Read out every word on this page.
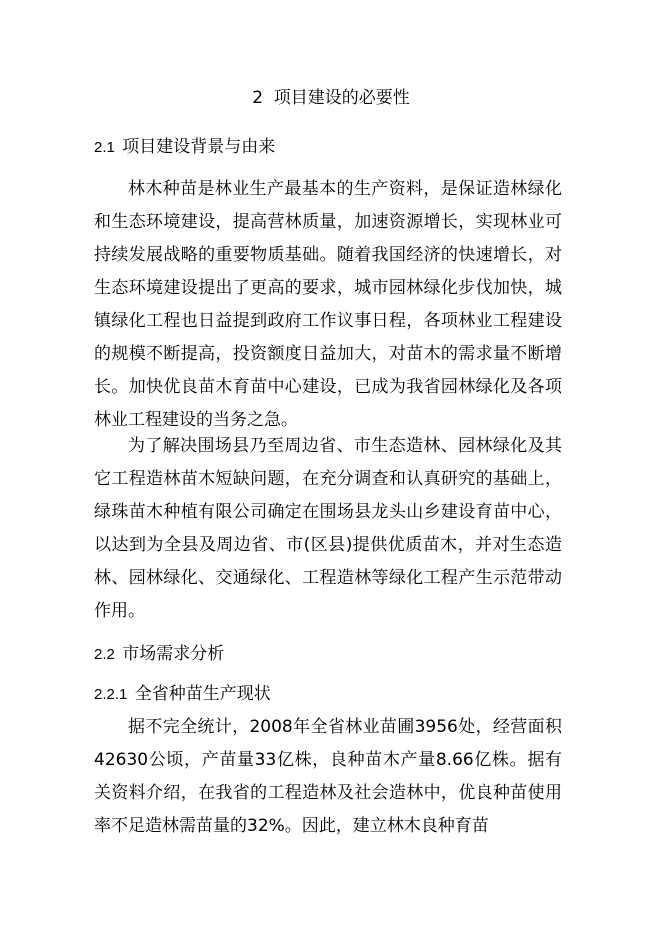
2  项目建设的必要性
2.1 项目建设背景与由来

林木种苗是林业生产最基本的生产资料，是保证造林绿化和生态环境建设，提高营林质量，加速资源增长，实现林业可持续发展战略的重要物质基础。随着我国经济的快速增长，对生态环境建设提出了更高的要求，城市园林绿化步伐加快，城镇绿化工程也日益提到政府工作议事日程，各项林业工程建设的规模不断提高，投资额度日益加大，对苗木的需求量不断增长。加快优良苗木育苗中心建设，已成为我省园林绿化及各项林业工程建设的当务之急。

为了解决围场县乃至周边省、市生态造林、园林绿化及其它工程造林苗木短缺问题，在充分调查和认真研究的基础上，绿珠苗木种植有限公司确定在围场县龙头山乡建设育苗中心，以达到为全县及周边省、市(区县)提供优质苗木，并对生态造林、园林绿化、交通绿化、工程造林等绿化工程产生示范带动作用。

2.2 市场需求分析
2.2.1 全省种苗生产现状

据不完全统计，2008年全省林业苗圃3956处，经营面积42630公顷，产苗量33亿株，良种苗木产量8.66亿株。据有关资料介绍，在我省的工程造林及社会造林中，优良种苗使用率不足造林需苗量的32%。因此，建立林木良种育苗
